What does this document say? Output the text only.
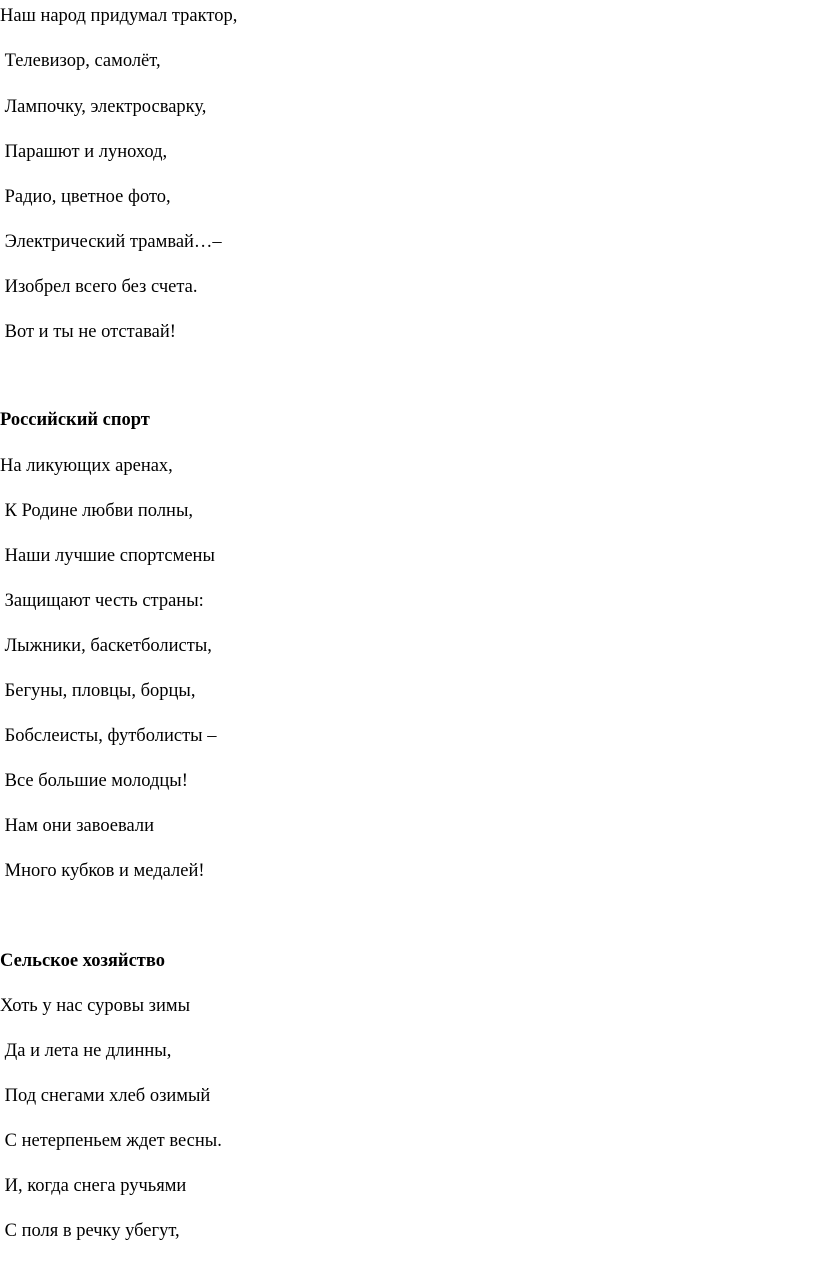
Наш народ придумал трактор,
Телевизор, самолёт,
Лампочку, электросварку,
Парашют и луноход,
Радио, цветное фото,
Электрический трамвай…–
Изобрел всего без счета.
Вот и ты не отставай!
Российский спорт
На ликующих аренах,
К Родине любви полны,
Наши лучшие спортсмены
Защищают честь страны:
Лыжники, баскетболисты,
Бегуны, пловцы, борцы,
Бобслеисты, футболисты –
Все большие молодцы!
Нам они завоевали
Много кубков и медалей!
Сельское хозяйство
Хоть у нас суровы зимы
Да и лета не длинны,
Под снегами хлеб озимый
С нетерпеньем ждет весны.
И, когда снега ручьями
С поля в речку убегут,
